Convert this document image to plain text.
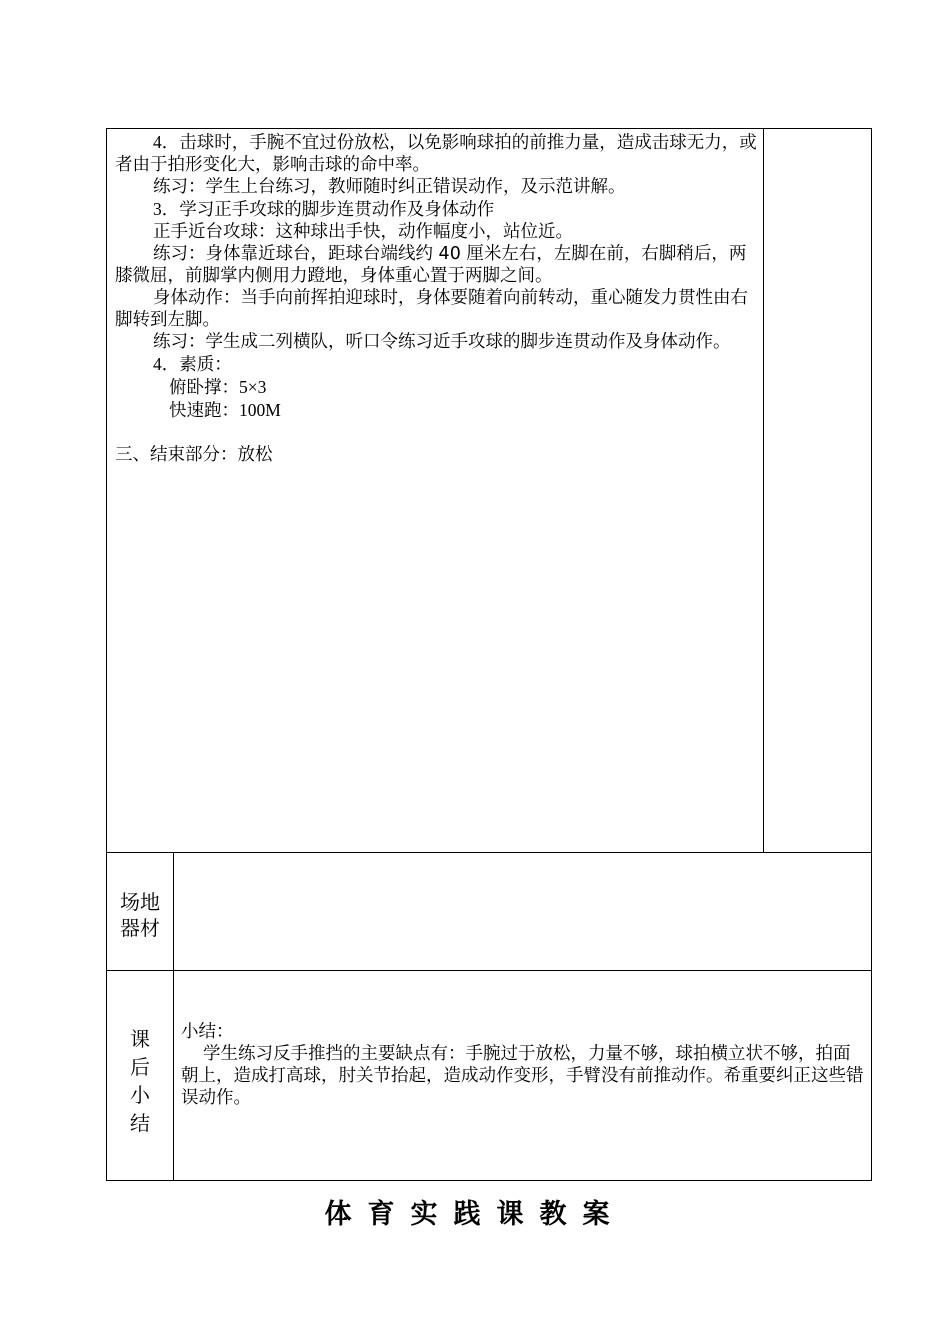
4．击球时，手腕不宜过份放松，以免影响球拍的前推力量，造成击球无力，或者由于拍形变化大，影响击球的命中率。

练习：学生上台练习，教师随时纠正错误动作，及示范讲解。

3．学习正手攻球的脚步连贯动作及身体动作

正手近台攻球：这种球出手快，动作幅度小，站位近。

练习：身体靠近球台，距球台端线约 40 厘米左右，左脚在前，右脚稍后，两膝微屈，前脚掌内侧用力蹬地，身体重心置于两脚之间。

身体动作：当手向前挥拍迎球时，身体要随着向前转动，重心随发力贯性由右脚转到左脚。

练习：学生成二列横队，听口令练习近手攻球的脚步连贯动作及身体动作。

4．素质：

俯卧撑：5×3

快速跑：100M

三、结束部分：放松

场地
器材
课
后
小
结

小结：

学生练习反手推挡的主要缺点有：手腕过于放松，力量不够，球拍横立状不够，拍面朝上，造成打高球，肘关节抬起，造成动作变形，手臂没有前推动作。希重要纠正这些错误动作。

体育实践课教案
